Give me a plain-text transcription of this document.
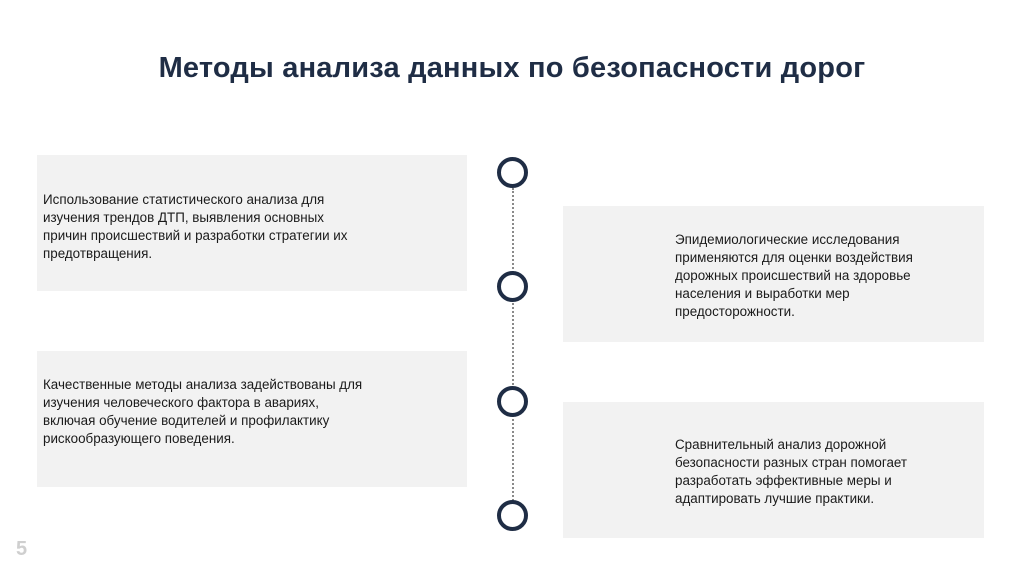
Методы анализа данных по безопасности дорог
Использование статистического анализа для изучения трендов ДТП, выявления основных причин происшествий и разработки стратегии их предотвращения.
Эпидемиологические исследования применяются для оценки воздействия дорожных происшествий на здоровье населения и выработки мер предосторожности.
Качественные методы анализа задействованы для изучения человеческого фактора в авариях, включая обучение водителей и профилактику рискообразующего поведения.	Сравнительный анализ дорожной безопасности разных стран помогает разработать эффективные меры и адаптировать лучшие практики.
5
